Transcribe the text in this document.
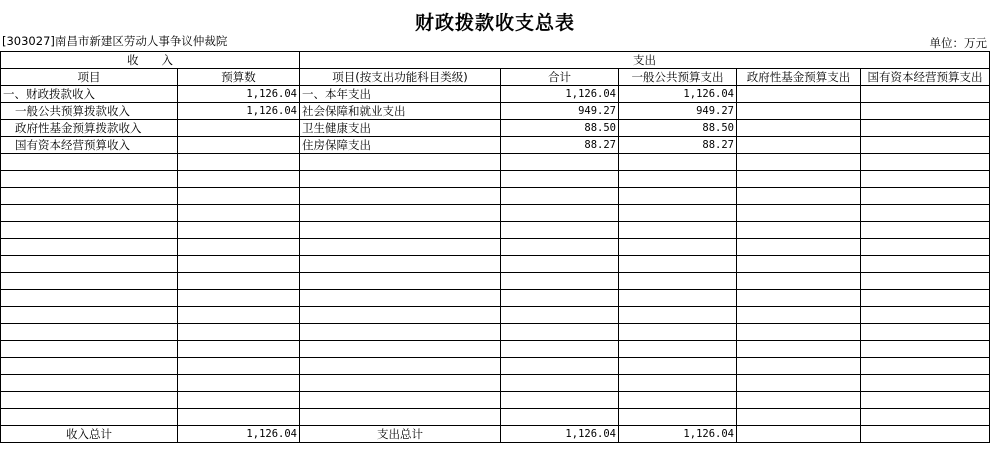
财政拨款收支总表
[303027]南昌市新建区劳动人事争议仲裁院	单位：万元
收　　入		支出				
项目	预算数	项目(按支出功能科目类级)	合计	一般公共预算支出	政府性基金预算支出	国有资本经营预算支出
一、财政拨款收入	1,126.04	一、本年支出	1,126.04	1,126.04		
一般公共预算拨款收入	1,126.04	社会保障和就业支出	949.27	949.27		
政府性基金预算拨款收入		卫生健康支出	88.50	88.50		
国有资本经营预算收入		住房保障支出	88.27	88.27		

收入总计	1,126.04	支出总计	1,126.04	1,126.04		
